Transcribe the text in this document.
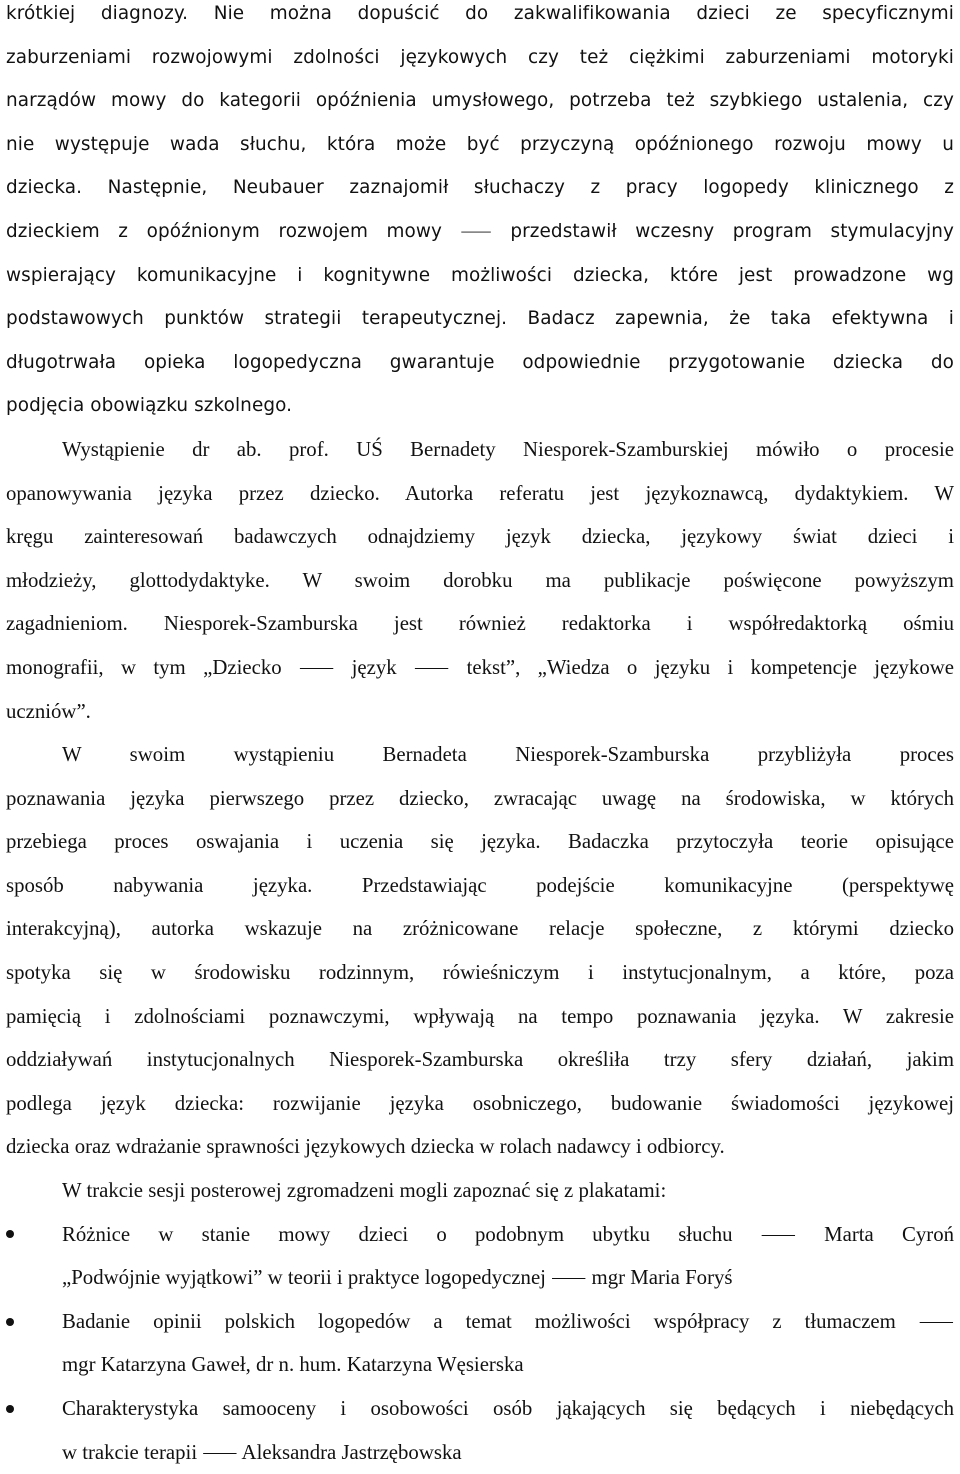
krótkiej diagnozy. Nie można dopuścić do zakwalifikowania dzieci ze specyficznymi
zaburzeniami rozwojowymi zdolności językowych czy też ciężkimi zaburzeniami motoryki
narządów mowy do kategorii opóźnienia umysłowego, potrzeba też szybkiego ustalenia, czy
nie występuje wada słuchu, która może być przyczyną opóźnionego rozwoju mowy u
dziecka. Następnie, Neubauer zaznajomił słuchaczy z pracy logopedy klinicznego z
dzieckiem z opóźnionym rozwojem mowy ⸺ przedstawił wczesny program stymulacyjny
wspierający komunikacyjne i kognitywne możliwości dziecka, które jest prowadzone wg
podstawowych punktów strategii terapeutycznej. Badacz zapewnia, że taka efektywna i
długotrwała opieka logopedyczna gwarantuje odpowiednie przygotowanie dziecka do
podjęcia obowiązku szkolnego.
Wystąpienie dr ab. prof. UŚ Bernadety Niesporek-Szamburskiej mówiło o procesie
opanowywania języka przez dziecko. Autorka referatu jest językoznawcą, dydaktykiem. W
kręgu zainteresowań badawczych odnajdziemy język dziecka, językowy świat dzieci i
młodzieży, glottodydaktyke. W swoim dorobku ma publikacje poświęcone powyższym
zagadnieniom. Niesporek-Szamburska jest również redaktorka i współredaktorką ośmiu
monografii, w tym „Dziecko ⸺ język ⸺ tekst”, „Wiedza o języku i kompetencje językowe
uczniów”.
W swoim wystąpieniu Bernadeta Niesporek-Szamburska przybliżyła proces
poznawania języka pierwszego przez dziecko, zwracając uwagę na środowiska, w których
przebiega proces oswajania i uczenia się języka. Badaczka przytoczyła teorie opisujące
sposób nabywania języka. Przedstawiając podejście komunikacyjne (perspektywę
interakcyjną), autorka wskazuje na zróżnicowane relacje społeczne, z którymi dziecko
spotyka się w środowisku rodzinnym, rówieśniczym i instytucjonalnym, a które, poza
pamięcią i zdolnościami poznawczymi, wpływają na tempo poznawania języka. W zakresie
oddziaływań instytucjonalnych Niesporek-Szamburska określiła trzy sfery działań, jakim
podlega język dziecka: rozwijanie języka osobniczego, budowanie świadomości językowej
dziecka oraz wdrażanie sprawności językowych dziecka w rolach nadawcy i odbiorcy.
W trakcie sesji posterowej zgromadzeni mogli zapoznać się z plakatami:
Różnice w stanie mowy dzieci o podobnym ubytku słuchu ⸺ Marta Cyroń
„Podwójnie wyjątkowi” w teorii i praktyce logopedycznej ⸺ mgr Maria Foryś
Badanie opinii polskich logopedów a temat możliwości współpracy z tłumaczem ⸺
mgr Katarzyna Gaweł, dr n. hum. Katarzyna Węsierska
Charakterystyka samooceny i osobowości osób jąkających się będących i niebędących
w trakcie terapii ⸺ Aleksandra Jastrzębowska
